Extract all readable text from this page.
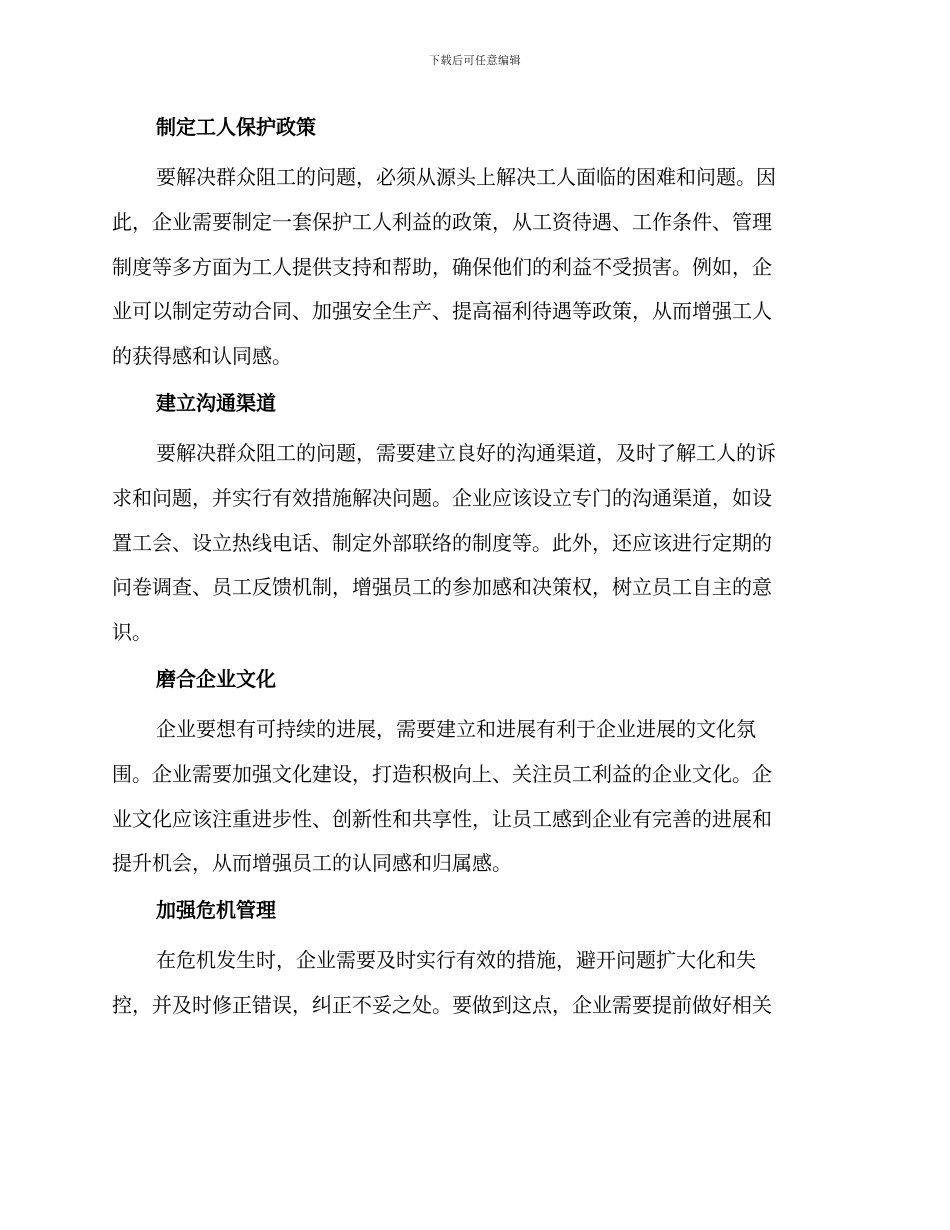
下载后可任意编辑
制定工人保护政策
要解决群众阻工的问题，必须从源头上解决工人面临的困难和问题。因
此，企业需要制定一套保护工人利益的政策，从工资待遇、工作条件、管理
制度等多方面为工人提供支持和帮助，确保他们的利益不受损害。例如，企
业可以制定劳动合同、加强安全生产、提高福利待遇等政策，从而增强工人
的获得感和认同感。
建立沟通渠道
要解决群众阻工的问题，需要建立良好的沟通渠道，及时了解工人的诉
求和问题，并实行有效措施解决问题。企业应该设立专门的沟通渠道，如设
置工会、设立热线电话、制定外部联络的制度等。此外，还应该进行定期的
问卷调查、员工反馈机制，增强员工的参加感和决策权，树立员工自主的意
识。
磨合企业文化
企业要想有可持续的进展，需要建立和进展有利于企业进展的文化氛
围。企业需要加强文化建设，打造积极向上、关注员工利益的企业文化。企
业文化应该注重进步性、创新性和共享性，让员工感到企业有完善的进展和
提升机会，从而增强员工的认同感和归属感。
加强危机管理
在危机发生时，企业需要及时实行有效的措施，避开问题扩大化和失
控，并及时修正错误，纠正不妥之处。要做到这点，企业需要提前做好相关
